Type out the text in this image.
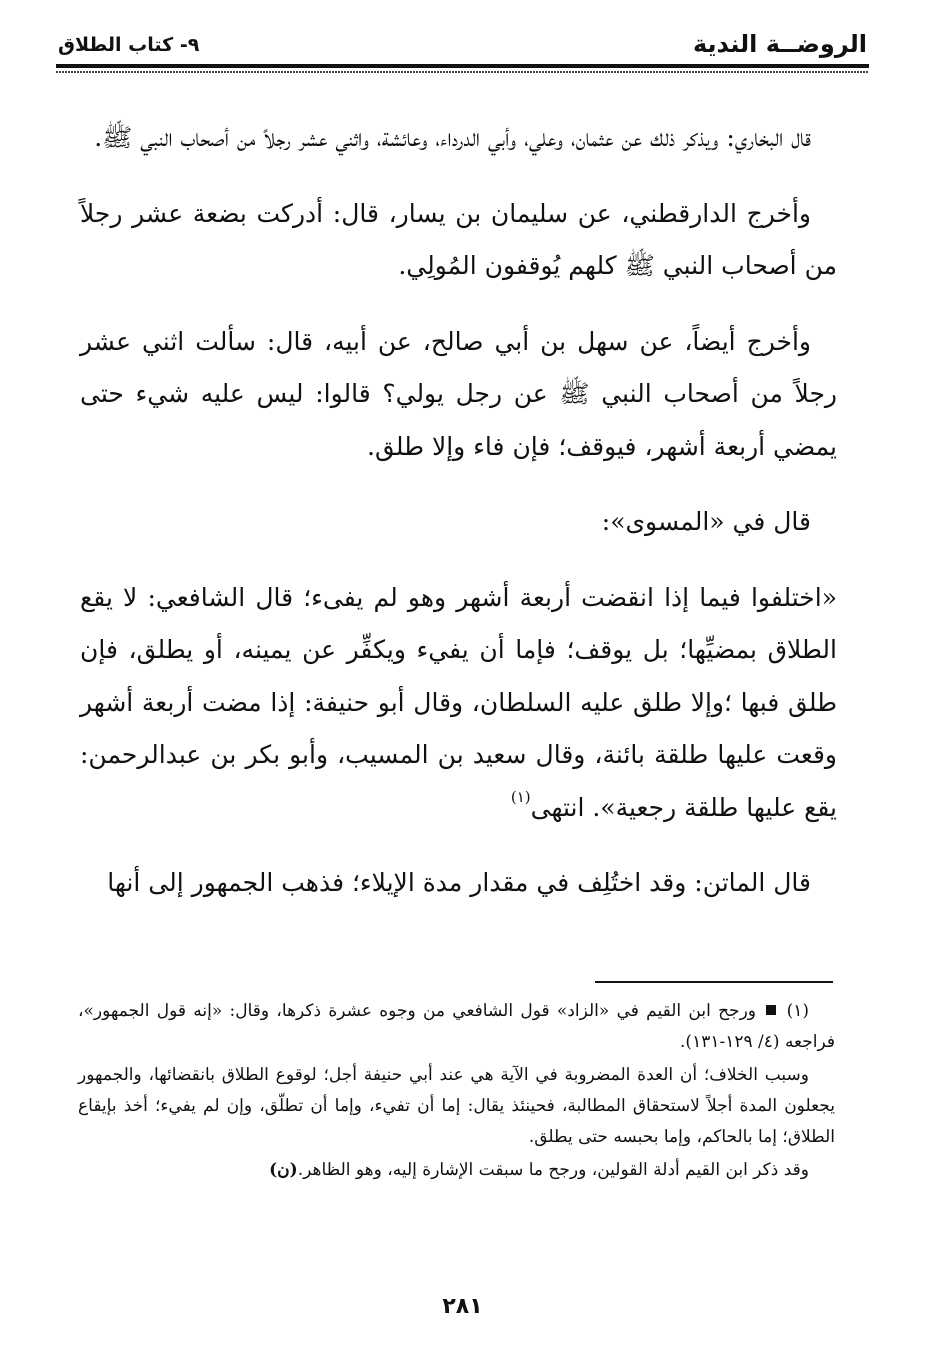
الروضــة الندية
٩- كتاب الطلاق

قال البخاري: ويذكر ذلك عن عثمان، وعلي، وأبي الدرداء، وعائشة، واثني عشر رجلاً من أصحاب النبي ﷺ.

وأخرج الدارقطني، عن سليمان بن يسار، قال: أدركت بضعة عشر رجلاً من أصحاب النبي ﷺ كلهم يُوقفون المُولِي.

وأخرج أيضاً، عن سهل بن أبي صالح، عن أبيه، قال: سألت اثني عشر رجلاً من أصحاب النبي ﷺ عن رجل يولي؟ قالوا: ليس عليه شيء حتى يمضي أربعة أشهر، فيوقف؛ فإن فاء وإلا طلق.

قال في «المسوى»:

«اختلفوا فيما إذا انقضت أربعة أشهر وهو لم يفىء؛ قال الشافعي: لا يقع الطلاق بمضيِّها؛ بل يوقف؛ فإما أن يفيء ويكفِّر عن يمينه، أو يطلق، فإن طلق فبها ؛وإلا طلق عليه السلطان، وقال أبو حنيفة: إذا مضت أربعة أشهر وقعت عليها طلقة بائنة، وقال سعيد بن المسيب، وأبو بكر بن عبدالرحمن: يقع عليها طلقة رجعية». انتهى$^{(١)}$

قال الماتن: وقد اختُلِف في مقدار مدة الإيلاء؛ فذهب الجمهور إلى أنها

(١)  ورجح ابن القيم في «الزاد» قول الشافعي من وجوه عشرة ذكرها، وقال: «إنه قول الجمهور»، فراجعه (٤/ ١٢٩-١٣١).

وسبب الخلاف؛ أن العدة المضروبة في الآية هي عند أبي حنيفة أجل؛ لوقوع الطلاق بانقضائها، والجمهور يجعلون المدة أجلاً لاستحقاق المطالبة، فحينئذ يقال: إما أن تفيء، وإما أن تطلّق، وإن لم يفيء؛ أخذ بإيقاع الطلاق؛ إما بالحاكم، وإما بحبسه حتى يطلق.

وقد ذكر ابن القيم أدلة القولين، ورجح ما سبقت الإشارة إليه، وهو الظاهر.(ن)

٢٨١
